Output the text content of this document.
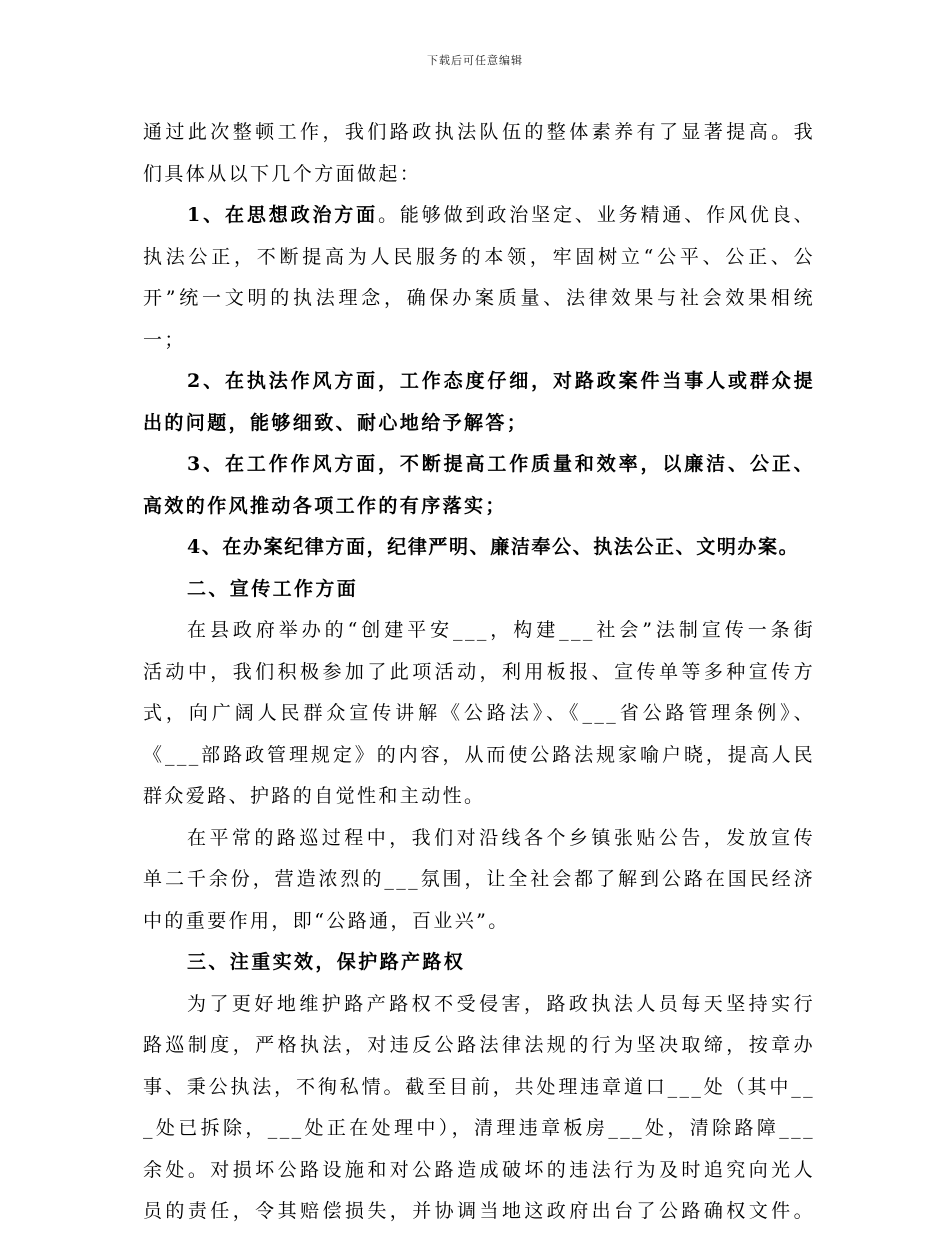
下载后可任意编辑
通过此次整顿工作，我们路政执法队伍的整体素养有了显著提高。我
们具体从以下几个方面做起：
1、在思想政治方面。能够做到政治坚定、业务精通、作风优良、
执法公正，不断提高为人民服务的本领，牢固树立“公平、公正、公
开”统一文明的执法理念，确保办案质量、法律效果与社会效果相统
一；
2、在执法作风方面，工作态度仔细，对路政案件当事人或群众提
出的问题，能够细致、耐心地给予解答；
3、在工作作风方面，不断提高工作质量和效率，以廉洁、公正、
高效的作风推动各项工作的有序落实；
4、在办案纪律方面，纪律严明、廉洁奉公、执法公正、文明办案。
二、宣传工作方面
在县政府举办的“创建平安___，构建___社会”法制宣传一条街
活动中，我们积极参加了此项活动，利用板报、宣传单等多种宣传方
式，向广阔人民群众宣传讲解《公路法》、《___省公路管理条例》、
《___部路政管理规定》的内容，从而使公路法规家喻户晓，提高人民
群众爱路、护路的自觉性和主动性。
在平常的路巡过程中，我们对沿线各个乡镇张贴公告，发放宣传
单二千余份，营造浓烈的___氛围，让全社会都了解到公路在国民经济
中的重要作用，即“公路通，百业兴”。
三、注重实效，保护路产路权
为了更好地维护路产路权不受侵害，路政执法人员每天坚持实行
路巡制度，严格执法，对违反公路法律法规的行为坚决取缔，按章办
事、秉公执法，不徇私情。截至目前，共处理违章道口___处（其中__
_处已拆除，___处正在处理中），清理违章板房___处，清除路障___
余处。对损坏公路设施和对公路造成破坏的违法行为及时追究向光人
员的责任，令其赔偿损失，并协调当地这政府出台了公路确权文件。
